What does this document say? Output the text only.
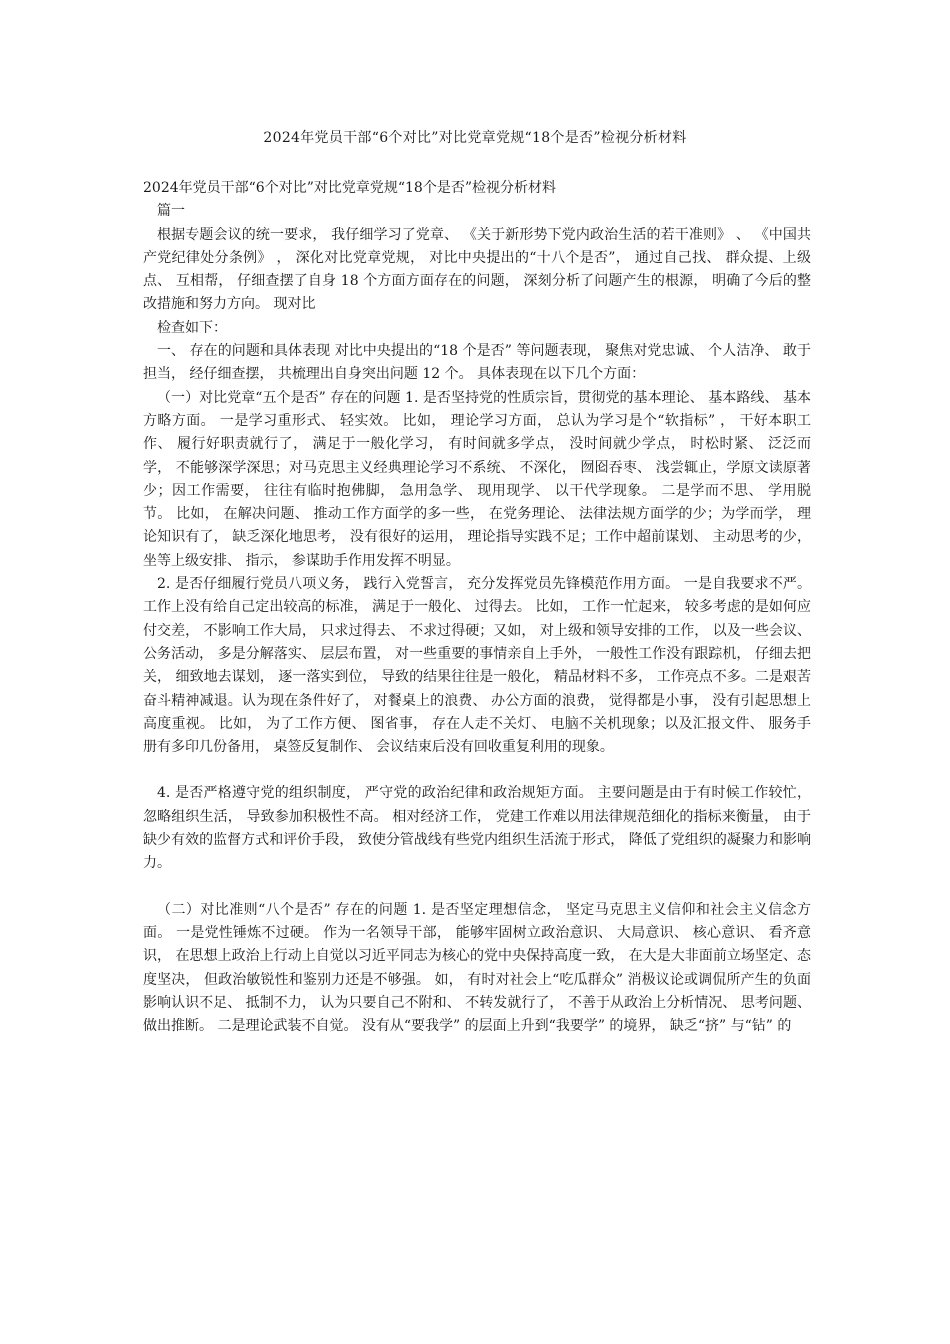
2024年党员干部“6个对比”对比党章党规“18个是否”检视分析材料

2024年党员干部“6个对比”对比党章党规“18个是否”检视分析材料

篇一

根据专题会议的统一要求， 我仔细学习了党章、 《关于新形势下党内政治生活的若干准则》 、 《中国共产党纪律处分条例》 ， 深化对比党章党规， 对比中央提出的“十八个是否”， 通过自己找、 群众提、上级点、 互相帮， 仔细查摆了自身 18 个方面方面存在的问题， 深刻分析了问题产生的根源， 明确了今后的整改措施和努力方向。 现对比

检查如下：

一、 存在的问题和具体表现 对比中央提出的“18 个是否” 等问题表现， 聚焦对党忠诚、 个人洁净、 敢于担当， 经仔细查摆， 共梳理出自身突出问题 12 个。 具体表现在以下几个方面：

（一）对比党章“五个是否” 存在的问题 1. 是否坚持党的性质宗旨，贯彻党的基本理论、 基本路线、 基本方略方面。 一是学习重形式、 轻实效。 比如， 理论学习方面， 总认为学习是个“软指标” ， 干好本职工作、 履行好职责就行了， 满足于一般化学习， 有时间就多学点， 没时间就少学点， 时松时紧、 泛泛而学， 不能够深学深思；对马克思主义经典理论学习不系统、 不深化， 囫囵吞枣、 浅尝辄止，学原文读原著少；因工作需要， 往往有临时抱佛脚， 急用急学、 现用现学、 以干代学现象。 二是学而不思、 学用脱节。 比如， 在解决问题、 推动工作方面学的多一些， 在党务理论、 法律法规方面学的少；为学而学， 理论知识有了， 缺乏深化地思考， 没有很好的运用， 理论指导实践不足；工作中超前谋划、 主动思考的少， 坐等上级安排、 指示， 参谋助手作用发挥不明显。

2. 是否仔细履行党员八项义务， 践行入党誓言， 充分发挥党员先锋模范作用方面。 一是自我要求不严。 工作上没有给自己定出较高的标准， 满足于一般化、 过得去。 比如， 工作一忙起来， 较多考虑的是如何应付交差， 不影响工作大局， 只求过得去、 不求过得硬；又如， 对上级和领导安排的工作， 以及一些会议、 公务活动， 多是分解落实、 层层布置， 对一些重要的事情亲自上手外， 一般性工作没有跟踪机， 仔细去把关， 细致地去谋划， 逐一落实到位， 导致的结果往往是一般化， 精品材料不多， 工作亮点不多。二是艰苦奋斗精神减退。认为现在条件好了， 对餐桌上的浪费、 办公方面的浪费， 觉得都是小事， 没有引起思想上高度重视。 比如， 为了工作方便、 图省事， 存在人走不关灯、 电脑不关机现象；以及汇报文件、 服务手册有多印几份备用， 桌签反复制作、 会议结束后没有回收重复利用的现象。

4. 是否严格遵守党的组织制度， 严守党的政治纪律和政治规矩方面。 主要问题是由于有时候工作较忙， 忽略组织生活， 导致参加积极性不高。 相对经济工作， 党建工作难以用法律规范细化的指标来衡量， 由于缺少有效的监督方式和评价手段， 致使分管战线有些党内组织生活流于形式， 降低了党组织的凝聚力和影响力。

（二）对比准则“八个是否” 存在的问题 1. 是否坚定理想信念， 坚定马克思主义信仰和社会主义信念方面。 一是党性锤炼不过硬。 作为一名领导干部， 能够牢固树立政治意识、 大局意识、 核心意识、 看齐意识， 在思想上政治上行动上自觉以习近平同志为核心的党中央保持高度一致， 在大是大非面前立场坚定、态度坚决， 但政治敏锐性和鉴别力还是不够强。 如， 有时对社会上“吃瓜群众” 消极议论或调侃所产生的负面影响认识不足、 抵制不力， 认为只要自己不附和、 不转发就行了， 不善于从政治上分析情况、 思考问题、 做出推断。 二是理论武装不自觉。 没有从“要我学” 的层面上升到“我要学” 的境界， 缺乏“挤” 与“钻” 的
